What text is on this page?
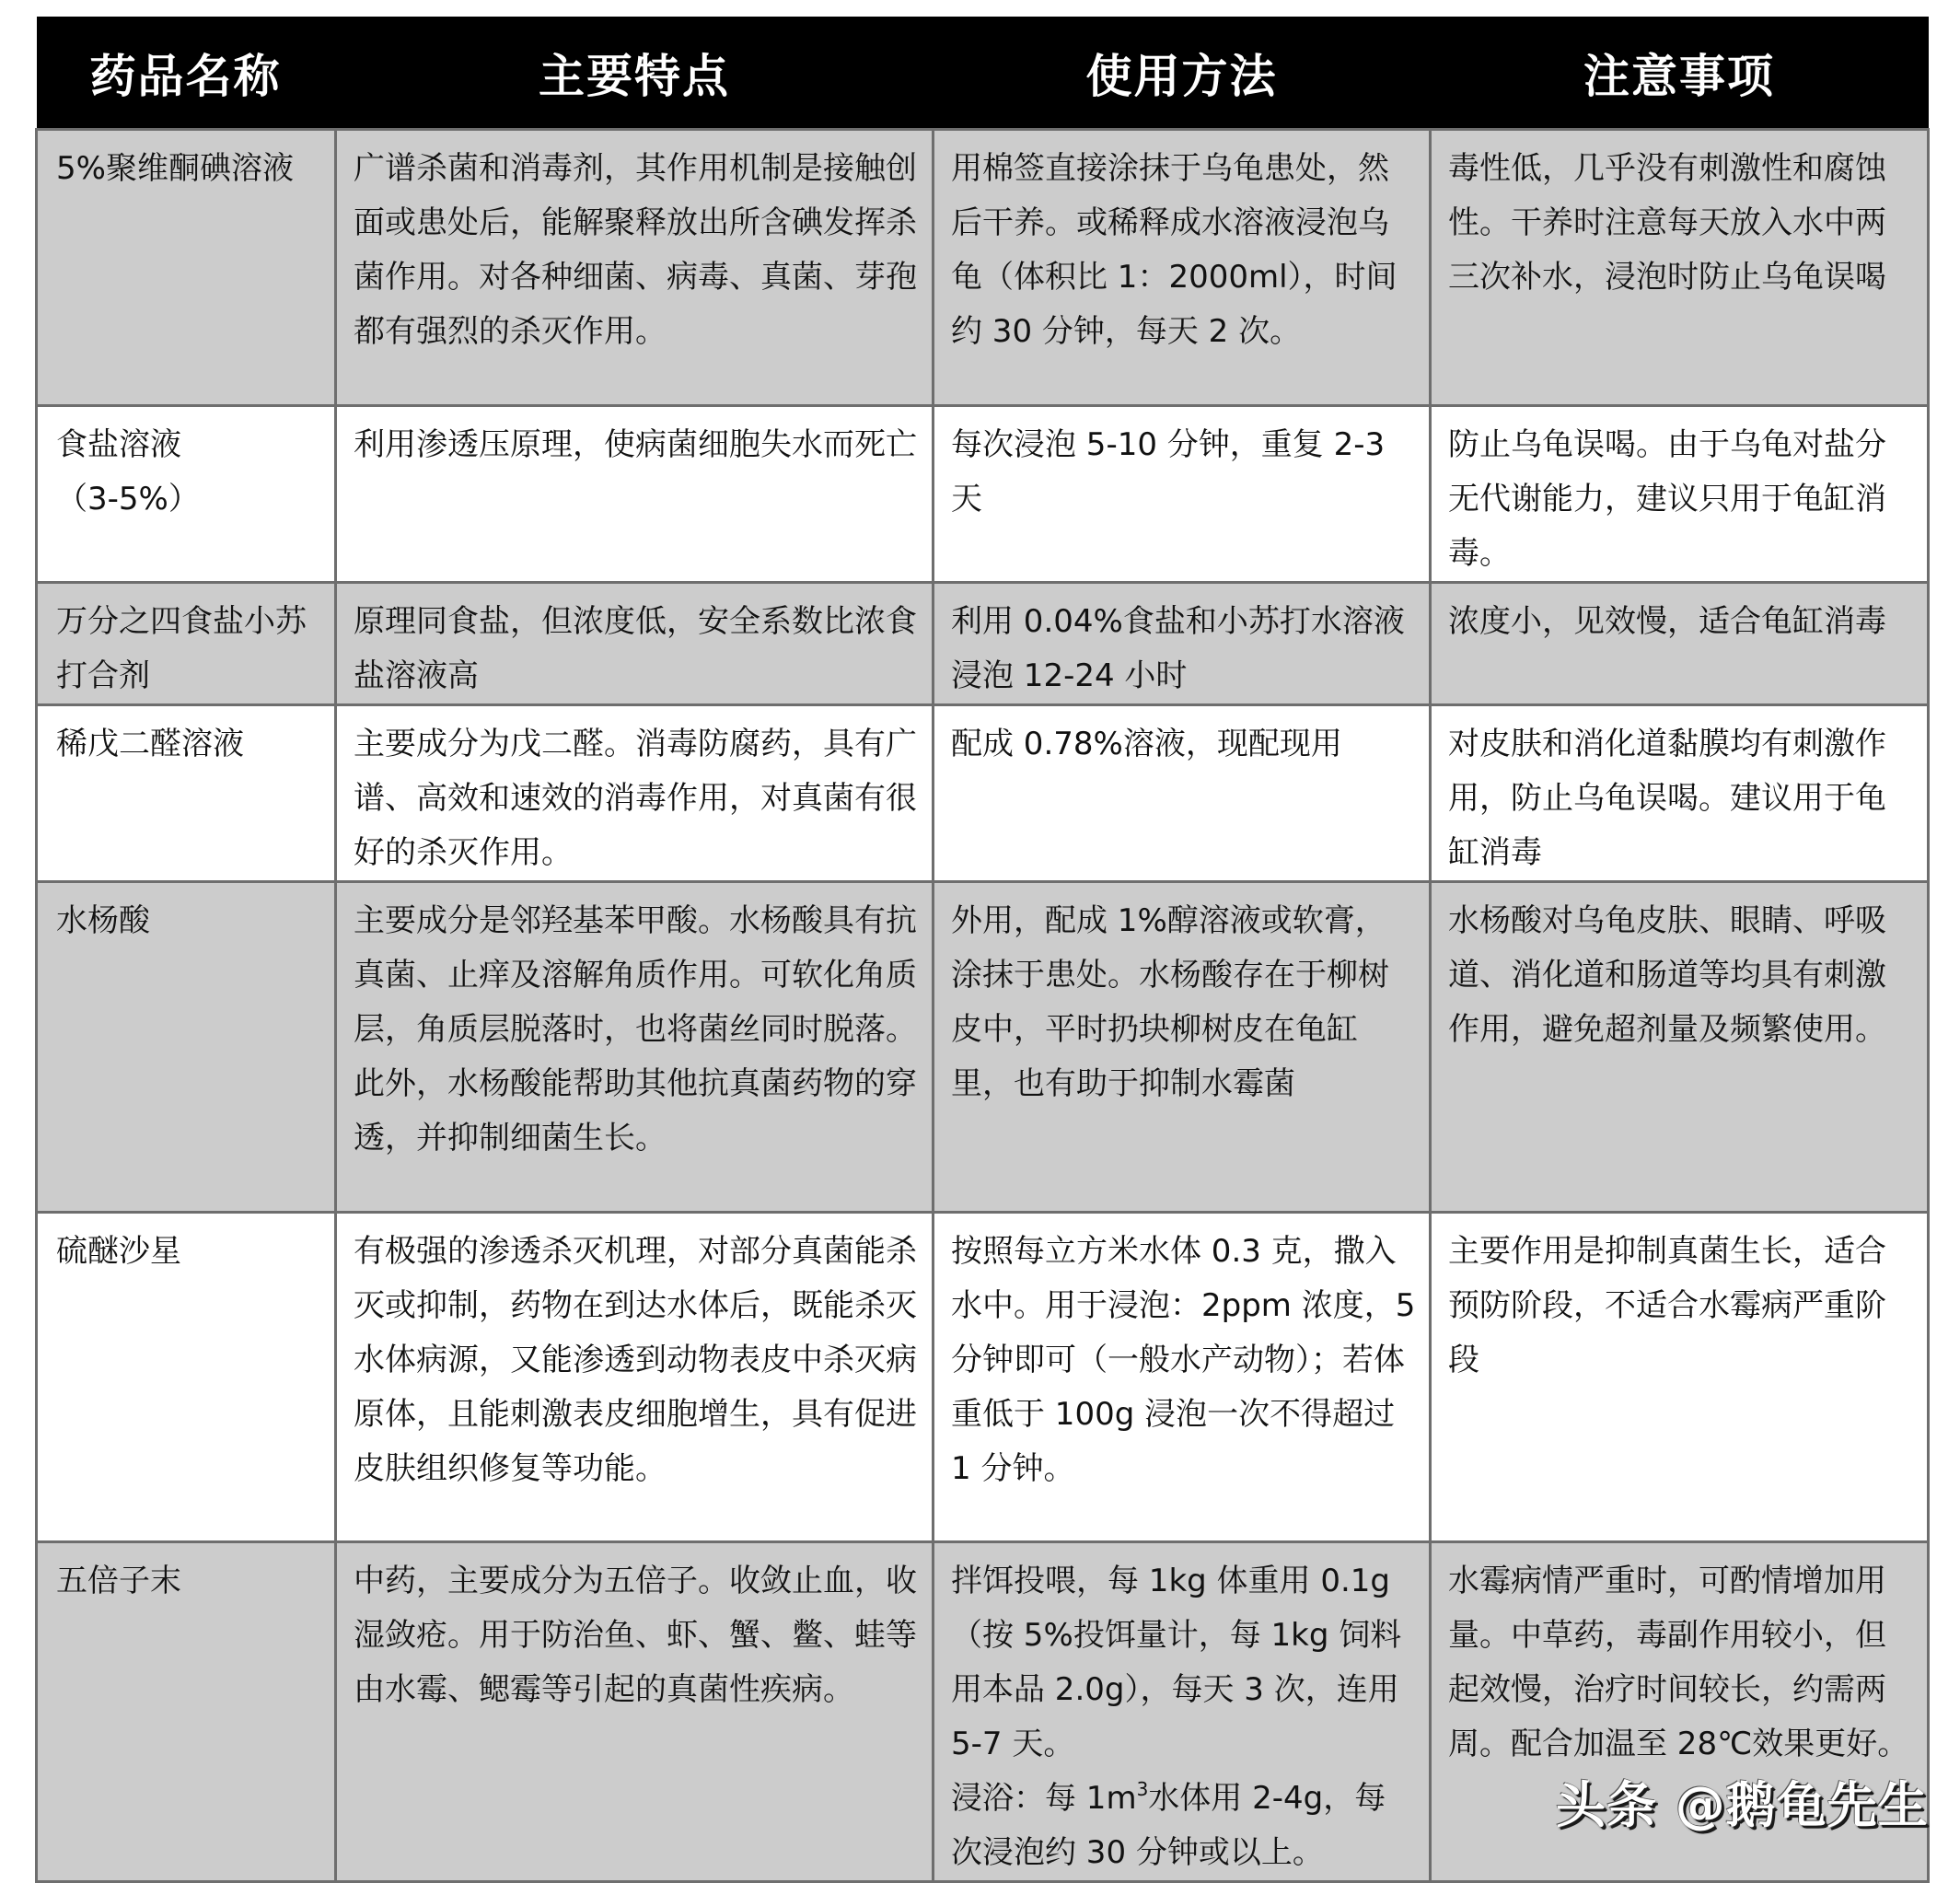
药品名称	主要特点	使用方法	注意事项

5%聚维酮碘溶液	广谱杀菌和消毒剂，其作用机制是接触创面或患处后，能解聚释放出所含碘发挥杀菌作用。对各种细菌、病毒、真菌、芽孢都有强烈的杀灭作用。	用棉签直接涂抹于乌龟患处，然后干养。或稀释成水溶液浸泡乌龟（体积比 1：2000ml），时间约 30 分钟，每天 2 次。	毒性低，几乎没有刺激性和腐蚀性。干养时注意每天放入水中两三次补水，浸泡时防止乌龟误喝

食盐溶液
（3-5%）	利用渗透压原理，使病菌细胞失水而死亡	每次浸泡 5-10 分钟，重复 2-3 天	防止乌龟误喝。由于乌龟对盐分无代谢能力，建议只用于龟缸消毒。

万分之四食盐小苏打合剂	原理同食盐，但浓度低，安全系数比浓食盐溶液高	利用 0.04%食盐和小苏打水溶液浸泡 12-24 小时	浓度小，见效慢，适合龟缸消毒

稀戊二醛溶液	主要成分为戊二醛。消毒防腐药，具有广谱、高效和速效的消毒作用，对真菌有很好的杀灭作用。	配成 0.78%溶液，现配现用	对皮肤和消化道黏膜均有刺激作用，防止乌龟误喝。建议用于龟缸消毒

水杨酸	主要成分是邻羟基苯甲酸。水杨酸具有抗真菌、止痒及溶解角质作用。可软化角质层，角质层脱落时，也将菌丝同时脱落。此外，水杨酸能帮助其他抗真菌药物的穿透，并抑制细菌生长。	外用，配成 1%醇溶液或软膏，涂抹于患处。水杨酸存在于柳树皮中，平时扔块柳树皮在龟缸里，也有助于抑制水霉菌	水杨酸对乌龟皮肤、眼睛、呼吸道、消化道和肠道等均具有刺激作用，避免超剂量及频繁使用。

硫醚沙星	有极强的渗透杀灭机理，对部分真菌能杀灭或抑制，药物在到达水体后，既能杀灭水体病源，又能渗透到动物表皮中杀灭病原体，且能刺激表皮细胞增生，具有促进皮肤组织修复等功能。	按照每立方米水体 0.3 克，撒入水中。用于浸泡：2ppm 浓度，5 分钟即可（一般水产动物）；若体重低于 100g 浸泡一次不得超过 1 分钟。	主要作用是抑制真菌生长，适合预防阶段，不适合水霉病严重阶段

五倍子末	中药，主要成分为五倍子。收敛止血，收湿敛疮。用于防治鱼、虾、蟹、鳖、蛙等由水霉、鳃霉等引起的真菌性疾病。	拌饵投喂，每 1kg 体重用 0.1g（按 5%投饵量计，每 1kg 饲料用本品 2.0g），每天 3 次，连用 5-7 天。
浸浴：每 $1m^3$水体用 2-4g，每次浸泡约 30 分钟或以上。	水霉病情严重时，可酌情增加用量。中草药，毒副作用较小，但起效慢，治疗时间较长，约需两周。配合加温至 28℃效果更好。
头条 @鹅龟先生
